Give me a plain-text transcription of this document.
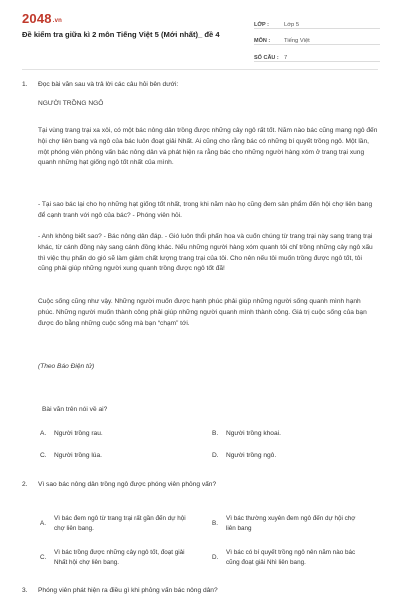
2048.vn
Đề kiểm tra giữa kì 2 môn Tiếng Việt 5 (Mới nhất)_ đề 4
LỚP :	Lớp 5
MÔN :	Tiếng Việt
SỐ CÂU : 7
1. Đọc bài văn sau và trả lời các câu hỏi bên dưới:
NGƯỜI TRỒNG NGÔ
Tại vùng trang trại xa xôi, có một bác nông dân trồng được những cây ngô rất tốt. Năm nào bác cũng mang ngô đến hội chợ liên bang và ngô của bác luôn đoạt giải Nhất. Ai cũng cho rằng bác có những bí quyết trồng ngô. Một lần, một phóng viên phỏng vấn bác nông dân và phát hiện ra rằng bác cho những người hàng xóm ở trang trại xung quanh những hạt giống ngô tốt nhất của mình.
- Tại sao bác lại cho họ những hạt giống tốt nhất, trong khi năm nào họ cũng đem sản phẩm đến hội chợ liên bang để cạnh tranh với ngô của bác? - Phóng viên hỏi.
- Anh không biết sao? - Bác nông dân đáp. - Gió luôn thổi phấn hoa và cuốn chúng từ trang trại này sang trang trại khác, từ cánh đồng này sang cánh đồng khác. Nếu những người hàng xóm quanh tôi chỉ trồng những cây ngô xấu thì việc thụ phấn do gió sẽ làm giảm chất lượng trang trại của tôi. Cho nên nếu tôi muốn trồng được ngô tốt, tôi cũng phải giúp những người xung quanh trồng được ngô tốt đã!
Cuộc sống cũng như vậy. Những người muốn được hạnh phúc phải giúp những người sống quanh mình hạnh phúc. Những người muốn thành công phải giúp những người quanh mình thành công. Giá trị cuộc sống của bạn được đo bằng những cuộc sống mà bạn “chạm” tới.
(Theo Báo Điện tử)
Bài văn trên nói về ai?
A. Người trồng rau.	B. Người trồng khoai.
C. Người trồng lúa.	D. Người trồng ngô.
2. Vì sao bác nông dân trồng ngô được phóng viên phỏng vấn?
A.
Vì bác đem ngô từ trang trại rất gần đến dự hội chợ liên bang.
B.
Vì bác thường xuyên đem ngô đến dự hội chợ liên bang
C.
Vì bác trồng được những cây ngô tốt, đoạt giải Nhất hội chợ liên bang.
D.
Vì bác có bí quyết trồng ngô nên năm nào bác cũng đoạt giải Nhì liên bang.
3. Phóng viên phát hiện ra điều gì khi phỏng vấn bác nông dân?
